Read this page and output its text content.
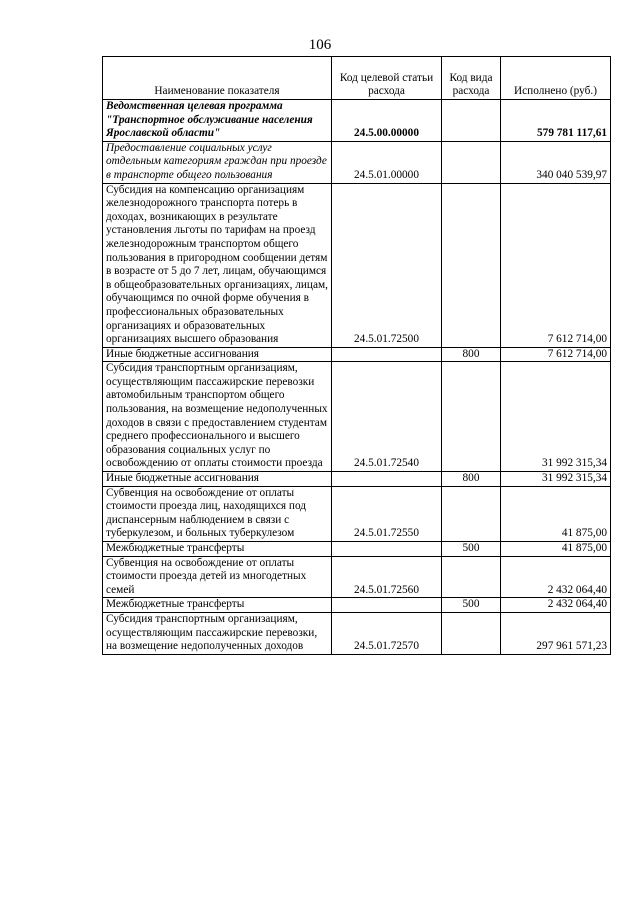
106
Наименование показателя	Код целевой статьи расхода	Код вида расхода	Исполнено (руб.)
Ведомственная целевая программа "Транспортное обслуживание населения Ярославской области"	24.5.00.00000		579 781 117,61
Предоставление социальных услуг отдельным категориям граждан при проезде в транспорте общего пользования	24.5.01.00000		340 040 539,97
Субсидия на компенсацию организациям железнодорожного транспорта потерь в доходах, возникающих в результате установления льготы по тарифам на проезд железнодорожным транспортом общего пользования в пригородном сообщении детям в возрасте от 5 до 7 лет, лицам, обучающимся в общеобразовательных организациях, лицам, обучающимся по очной форме обучения в профессиональных образовательных организациях и образовательных организациях высшего образования	24.5.01.72500		7 612 714,00
Иные бюджетные ассигнования		800	7 612 714,00
Субсидия транспортным организациям, осуществляющим пассажирские перевозки автомобильным транспортом общего пользования, на возмещение недополученных доходов в связи с предоставлением студентам среднего профессионального и высшего образования социальных услуг по освобождению от оплаты стоимости проезда	24.5.01.72540		31 992 315,34
Иные бюджетные ассигнования		800	31 992 315,34
Субвенция на освобождение от оплаты стоимости проезда лиц, находящихся под диспансерным наблюдением в связи с туберкулезом, и больных туберкулезом	24.5.01.72550		41 875,00
Межбюджетные трансферты		500	41 875,00
Субвенция на освобождение от оплаты стоимости проезда детей из многодетных семей	24.5.01.72560		2 432 064,40
Межбюджетные трансферты		500	2 432 064,40
Субсидия транспортным организациям, осуществляющим пассажирские перевозки, на возмещение недополученных доходов	24.5.01.72570		297 961 571,23
